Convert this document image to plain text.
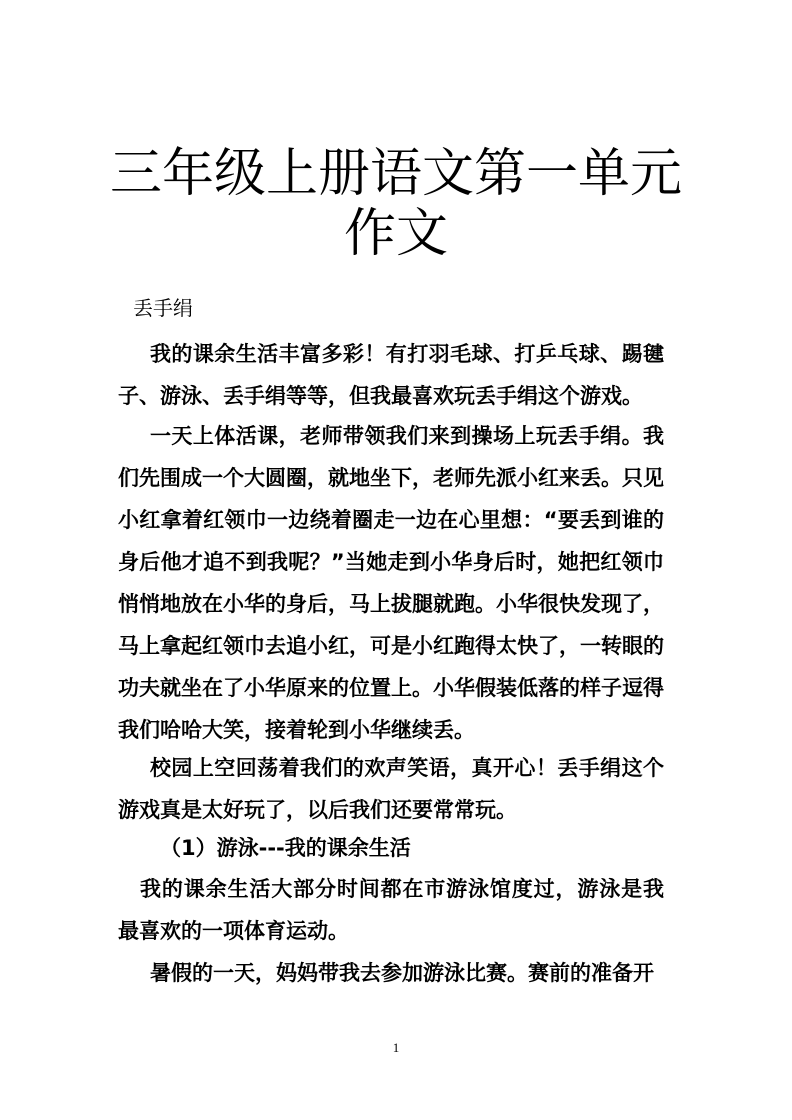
三年级上册语文第一单元
作文

丢手绢

我的课余生活丰富多彩！有打羽毛球、打乒乓球、踢毽子、游泳、丢手绢等等，但我最喜欢玩丢手绢这个游戏。

一天上体活课，老师带领我们来到操场上玩丢手绢。我们先围成一个大圆圈，就地坐下，老师先派小红来丢。只见小红拿着红领巾一边绕着圈走一边在心里想：“要丢到谁的身后他才追不到我呢？”当她走到小华身后时，她把红领巾悄悄地放在小华的身后，马上拔腿就跑。小华很快发现了，马上拿起红领巾去追小红，可是小红跑得太快了，一转眼的功夫就坐在了小华原来的位置上。小华假装低落的样子逗得我们哈哈大笑，接着轮到小华继续丢。

校园上空回荡着我们的欢声笑语，真开心！丢手绢这个游戏真是太好玩了，以后我们还要常常玩。

（1）游泳---我的课余生活

我的课余生活大部分时间都在市游泳馆度过，游泳是我最喜欢的一项体育运动。

暑假的一天，妈妈带我去参加游泳比赛。赛前的准备开

1
